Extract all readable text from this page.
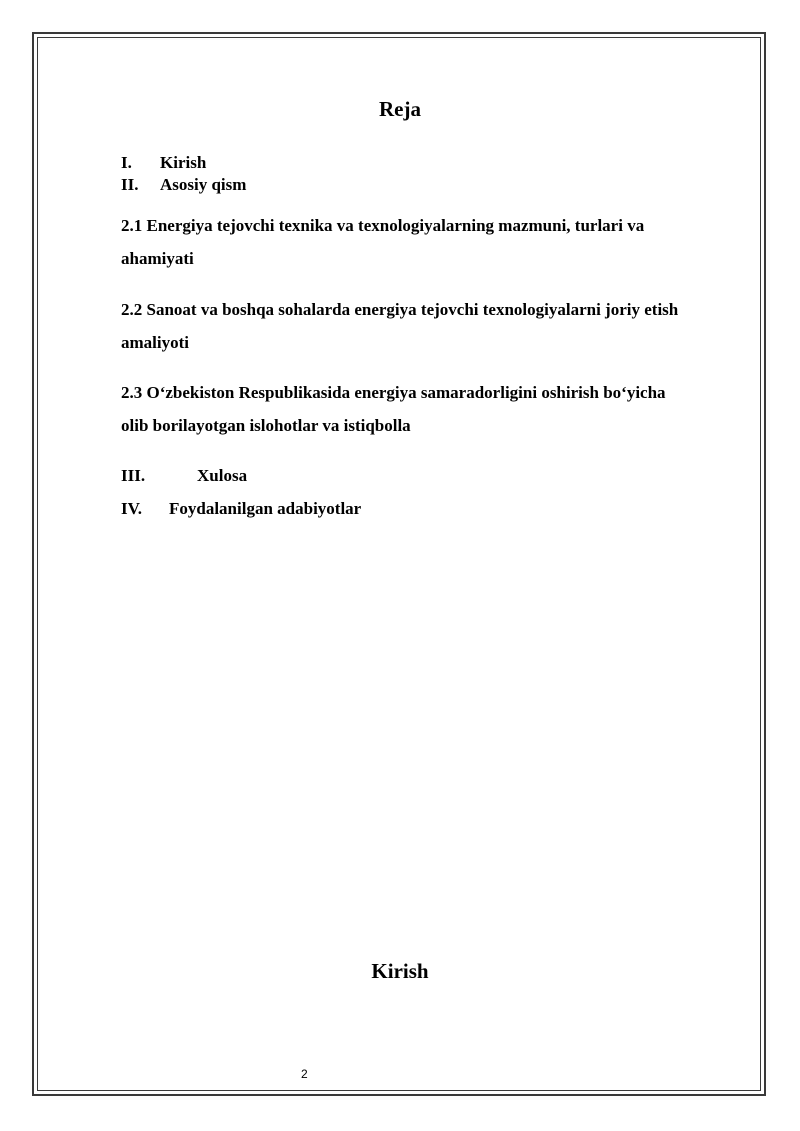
Reja
I. Kirish
II. Asosiy qism
2.1 Energiya tejovchi texnika va texnologiyalarning mazmuni, turlari va ahamiyati
2.2 Sanoat va boshqa sohalarda energiya tejovchi texnologiyalarni joriy etish amaliyoti
2.3 O‘zbekiston Respublikasida energiya samaradorligini oshirish bo‘yicha olib borilayotgan islohotlar va istiqbolla
III.	Xulosa
IV. Foydalanilgan adabiyotlar
Kirish
2
